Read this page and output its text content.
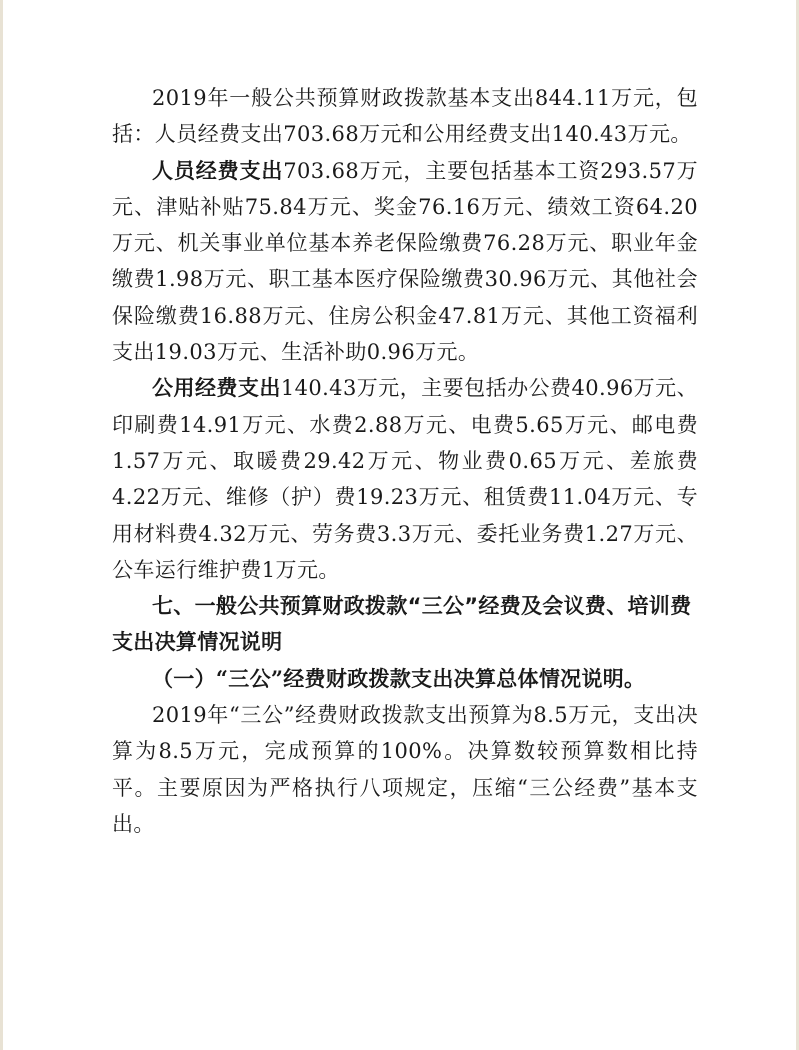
2019年一般公共预算财政拨款基本支出844.11万元，包括：人员经费支出703.68万元和公用经费支出140.43万元。

人员经费支出703.68万元，主要包括基本工资293.57万元、津贴补贴75.84万元、奖金76.16万元、绩效工资64.20万元、机关事业单位基本养老保险缴费76.28万元、职业年金缴费1.98万元、职工基本医疗保险缴费30.96万元、其他社会保险缴费16.88万元、住房公积金47.81万元、其他工资福利支出19.03万元、生活补助0.96万元。

公用经费支出140.43万元，主要包括办公费40.96万元、印刷费14.91万元、水费2.88万元、电费5.65万元、邮电费1.57万元、取暖费29.42万元、物业费0.65万元、差旅费4.22万元、维修（护）费19.23万元、租赁费11.04万元、专用材料费4.32万元、劳务费3.3万元、委托业务费1.27万元、公车运行维护费1万元。

七、一般公共预算财政拨款“三公”经费及会议费、培训费支出决算情况说明

（一）“三公”经费财政拨款支出决算总体情况说明。

2019年“三公”经费财政拨款支出预算为8.5万元，支出决算为8.5万元，完成预算的100%。决算数较预算数相比持平。主要原因为严格执行八项规定，压缩“三公经费”基本支出。
